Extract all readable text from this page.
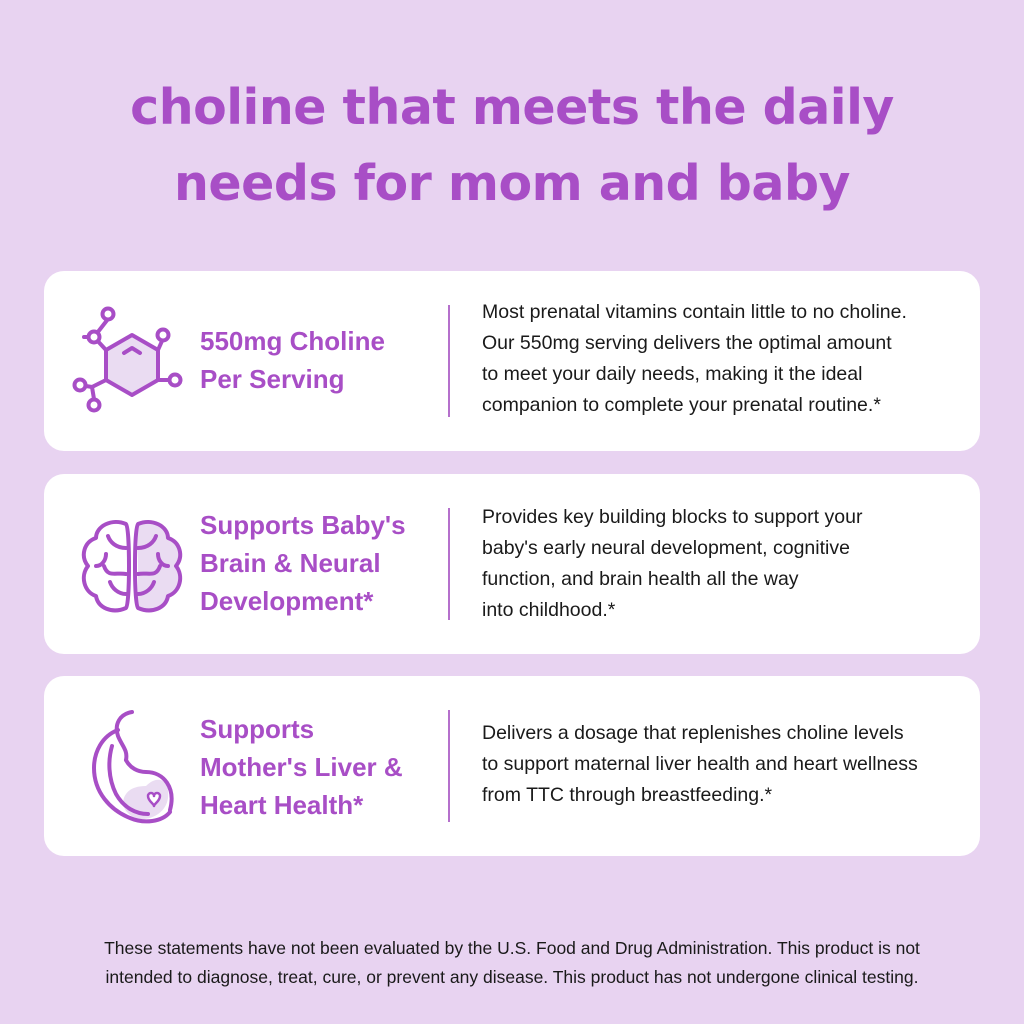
choline that meets the daily
needs for mom and baby
550mg Choline
Per Serving
Most prenatal vitamins contain little to no choline.
Our 550mg serving delivers the optimal amount
to meet your daily needs, making it the ideal
companion to complete your prenatal routine.*
Supports Baby's
Brain & Neural
Development*
Provides key building blocks to support your
baby's early neural development, cognitive
function, and brain health all the way
into childhood.*
Supports
Mother's Liver &
Heart Health*
Delivers a dosage that replenishes choline levels
to support maternal liver health and heart wellness
from TTC through breastfeeding.*
These statements have not been evaluated by the U.S. Food and Drug Administration. This product is not
intended to diagnose, treat, cure, or prevent any disease. This product has not undergone clinical testing.
